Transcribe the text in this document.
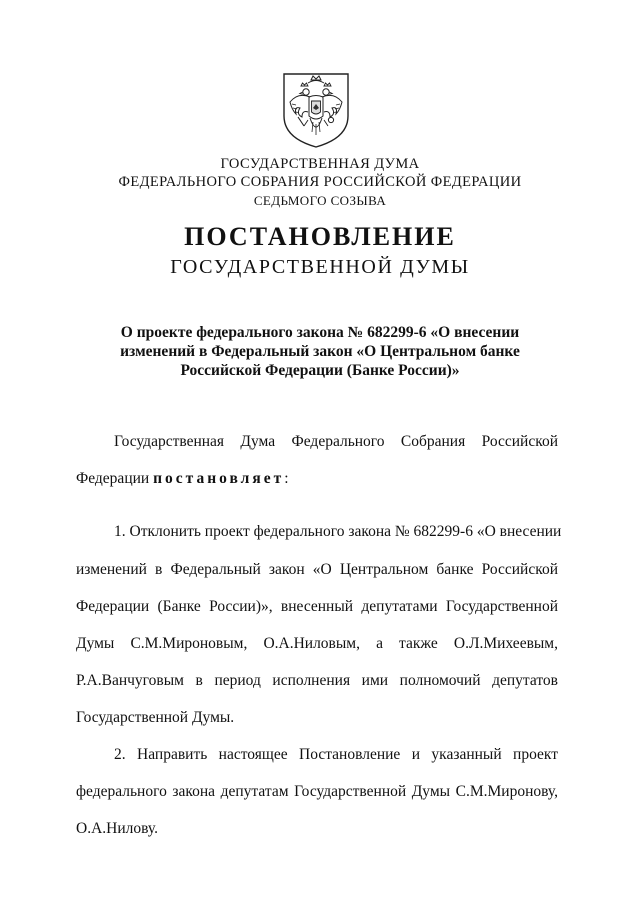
ГОСУДАРСТВЕННАЯ ДУМА
ФЕДЕРАЛЬНОГО СОБРАНИЯ РОССИЙСКОЙ ФЕДЕРАЦИИ
СЕДЬМОГО СОЗЫВА
ПОСТАНОВЛЕНИЕ
ГОСУДАРСТВЕННОЙ ДУМЫ
О проекте федерального закона № 682299-6 «О внесении
изменений в Федеральный закон «О Центральном банке
Российской Федерации (Банке России)»
Государственная Дума Федерального Собрания Российской
Федерации постановляет:
1. Отклонить проект федерального закона № 682299-6 «О внесении
изменений в Федеральный закон «О Центральном банке Российской
Федерации (Банке России)», внесенный депутатами Государственной
Думы С.М.Мироновым, О.А.Ниловым, а также О.Л.Михеевым,
Р.А.Ванчуговым в период исполнения ими полномочий депутатов
Государственной Думы.
2. Направить настоящее Постановление и указанный проект
федерального закона депутатам Государственной Думы С.М.Миронову,
О.А.Нилову.
